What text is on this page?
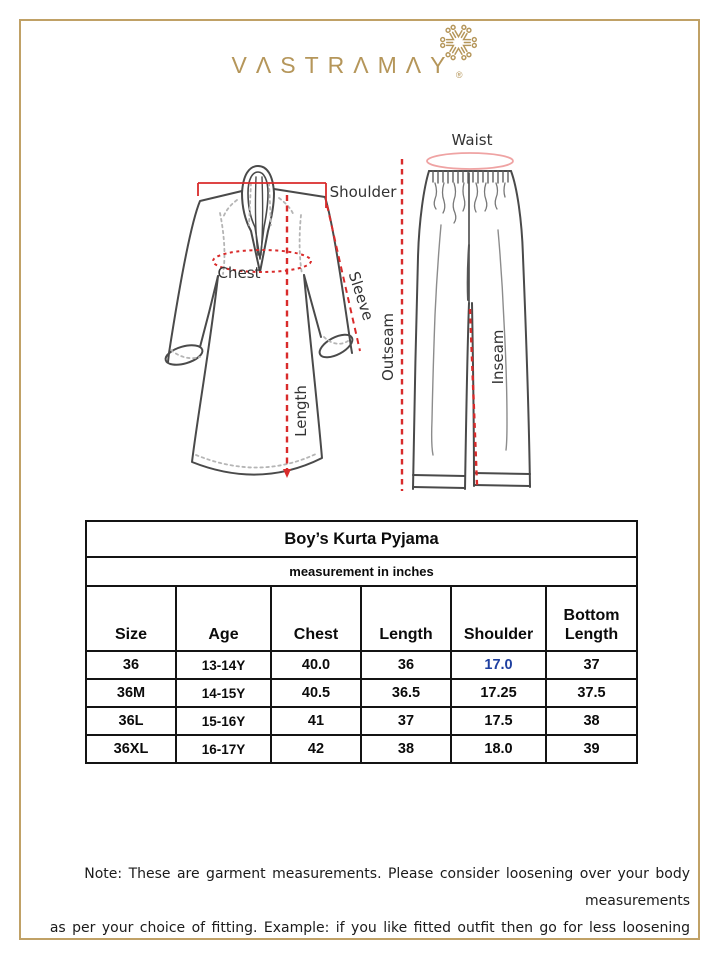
VΛSTRΛMΛY ®
Shoulder
Chest	Sleeve
Length
Waist
Outseam	Inseam
Boy’s Kurta Pyjama					
measurement in inches					
Size	Age	Chest	Length	Shoulder	Bottom Length
36	13-14Y	40.0	36	17.0	37
36M	14-15Y	40.5	36.5	17.25	37.5
36L	15-16Y	41	37	17.5	38
36XL	16-17Y	42	38	18.0	39
Note: These are garment measurements. Please consider loosening over your body measurements
as per your choice of fitting. Example: if you like fitted outfit then go for less loosening
